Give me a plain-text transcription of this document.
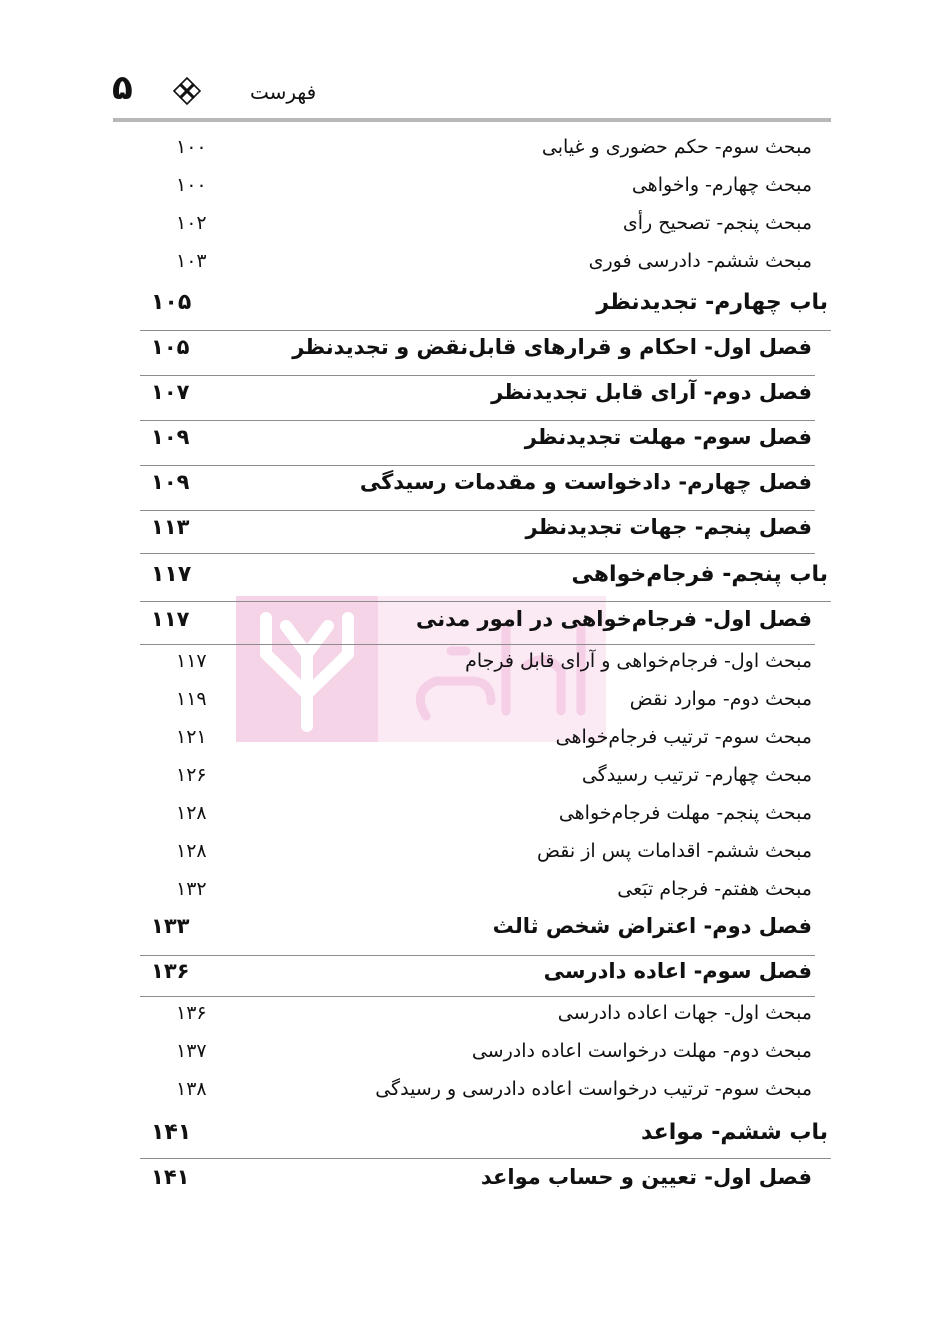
۵	فهرست
مبحث سوم- حکم حضوری و غیابی
۱۰۰
مبحث چهارم- واخواهی
۱۰۰
مبحث پنجم- تصحیح رأی
۱۰۲
مبحث ششم- دادرسی فوری
۱۰۳
باب چهارم- تجدیدنظر
۱۰۵
فصل اول- احکام و قرارهای قابل‌نقض و تجدیدنظر
۱۰۵
فصل دوم- آرای قابل تجدیدنظر
۱۰۷
فصل سوم- مهلت تجدیدنظر
۱۰۹
فصل چهارم- دادخواست و مقدمات رسیدگی
۱۰۹
فصل پنجم- جهات تجدیدنظر
۱۱۳
باب پنجم- فرجام‌خواهی
۱۱۷
فصل اول- فرجام‌خواهی در امور مدنی
۱۱۷
مبحث اول- فرجام‌خواهی و آرای قابل فرجام
۱۱۷
مبحث دوم- موارد نقض
۱۱۹
مبحث سوم- ترتیب فرجام‌خواهی
۱۲۱
مبحث چهارم- ترتیب رسیدگی
۱۲۶
مبحث پنجم- مهلت فرجام‌خواهی
۱۲۸
مبحث ششم- اقدامات پس از نقض
۱۲۸
مبحث هفتم- فرجام تبَعی
۱۳۲
فصل دوم- اعتراض شخص ثالث
۱۳۳
فصل سوم- اعاده دادرسی
۱۳۶
مبحث اول- جهات اعاده دادرسی
۱۳۶
مبحث دوم- مهلت درخواست اعاده دادرسی
۱۳۷
مبحث سوم- ترتیب درخواست اعاده دادرسی و رسیدگی
۱۳۸
باب ششم- مواعد
۱۴۱
فصل اول- تعیین و حساب مواعد
۱۴۱
